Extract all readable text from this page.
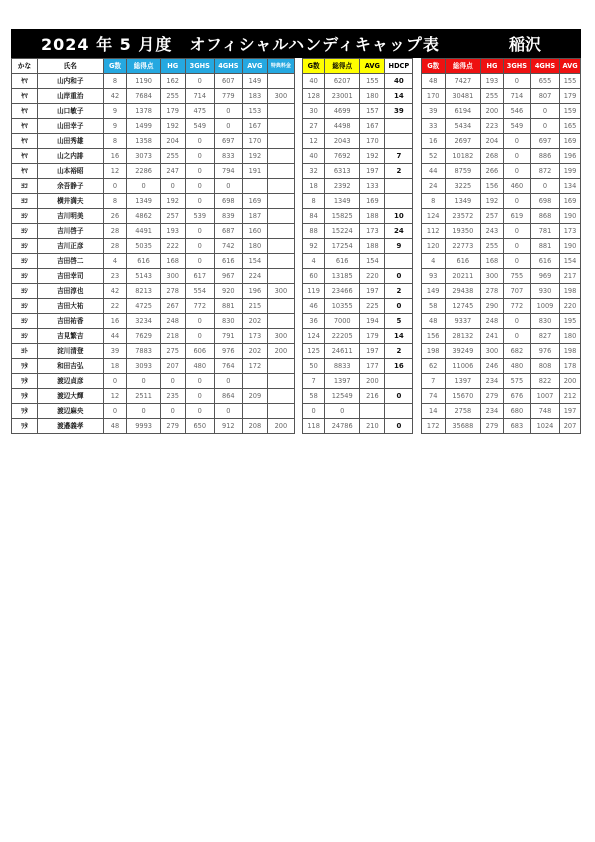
2024 年 5 月度　オフィシャルハンディキャップ表	稲沢
かな	氏名	G数	総得点	HG	3GHS	4GHS	AVG	特典料金		G数	総得点	AVG	HDCP		G数	総得点	HG	3GHS	4GHS	AVG
ﾔﾏ	山内和子	8	1190	162	0	607	149			40	6207	155	40		48	7427	193	0	655	155
ﾔﾏ	山岸重治	42	7684	255	714	779	183	300		128	23001	180	14		170	30481	255	714	807	179
ﾔﾏ	山口敏子	9	1378	179	475	0	153			30	4699	157	39		39	6194	200	546	0	159
ﾔﾏ	山田幸子	9	1499	192	549	0	167			27	4498	167			33	5434	223	549	0	165
ﾔﾏ	山田秀雄	8	1358	204	0	697	170			12	2043	170			16	2697	204	0	697	169
ﾔﾏ	山之内誹	16	3073	255	0	833	192			40	7692	192	7		52	10182	268	0	886	196
ﾔﾏ	山本裕昭	12	2286	247	0	794	191			32	6313	197	2		44	8759	266	0	872	199
ﾖｺ	余吾静子	0	0	0	0	0				18	2392	133			24	3225	156	460	0	134
ﾖｺ	横井満夫	8	1349	192	0	698	169			8	1349	169			8	1349	192	0	698	169
ﾖｼ	吉川明美	26	4862	257	539	839	187			84	15825	188	10		124	23572	257	619	868	190
ﾖｼ	吉川啓子	28	4491	193	0	687	160			88	15224	173	24		112	19350	243	0	781	173
ﾖｼ	吉川正彦	28	5035	222	0	742	180			92	17254	188	9		120	22773	255	0	881	190
ﾖｼ	吉田啓二	4	616	168	0	616	154			4	616	154			4	616	168	0	616	154
ﾖｼ	吉田幸司	23	5143	300	617	967	224			60	13185	220	0		93	20211	300	755	969	217
ﾖｼ	吉田淳也	42	8213	278	554	920	196	300		119	23466	197	2		149	29438	278	707	930	198
ﾖｼ	吉田大祐	22	4725	267	772	881	215			46	10355	225	0		58	12745	290	772	1009	220
ﾖｼ	吉田祐香	16	3234	248	0	830	202			36	7000	194	5		48	9337	248	0	830	195
ﾖｼ	吉見繁吉	44	7629	218	0	791	173	300		124	22205	179	14		156	28132	241	0	827	180
ﾖﾄ	淀川清登	39	7883	275	606	976	202	200		125	24611	197	2		198	39249	300	682	976	198
ﾜﾀ	和田吉弘	18	3093	207	480	764	172			50	8833	177	16		62	11006	246	480	808	178
ﾜﾀ	渡辺貞彦	0	0	0	0	0				7	1397	200			7	1397	234	575	822	200
ﾜﾀ	渡辺大輝	12	2511	235	0	864	209			58	12549	216	0		74	15670	279	676	1007	212
ﾜﾀ	渡辺麻央	0	0	0	0	0				0	0				14	2758	234	680	748	197
ﾜﾀ	渡邉義孝	48	9993	279	650	912	208	200		118	24786	210	0		172	35688	279	683	1024	207
